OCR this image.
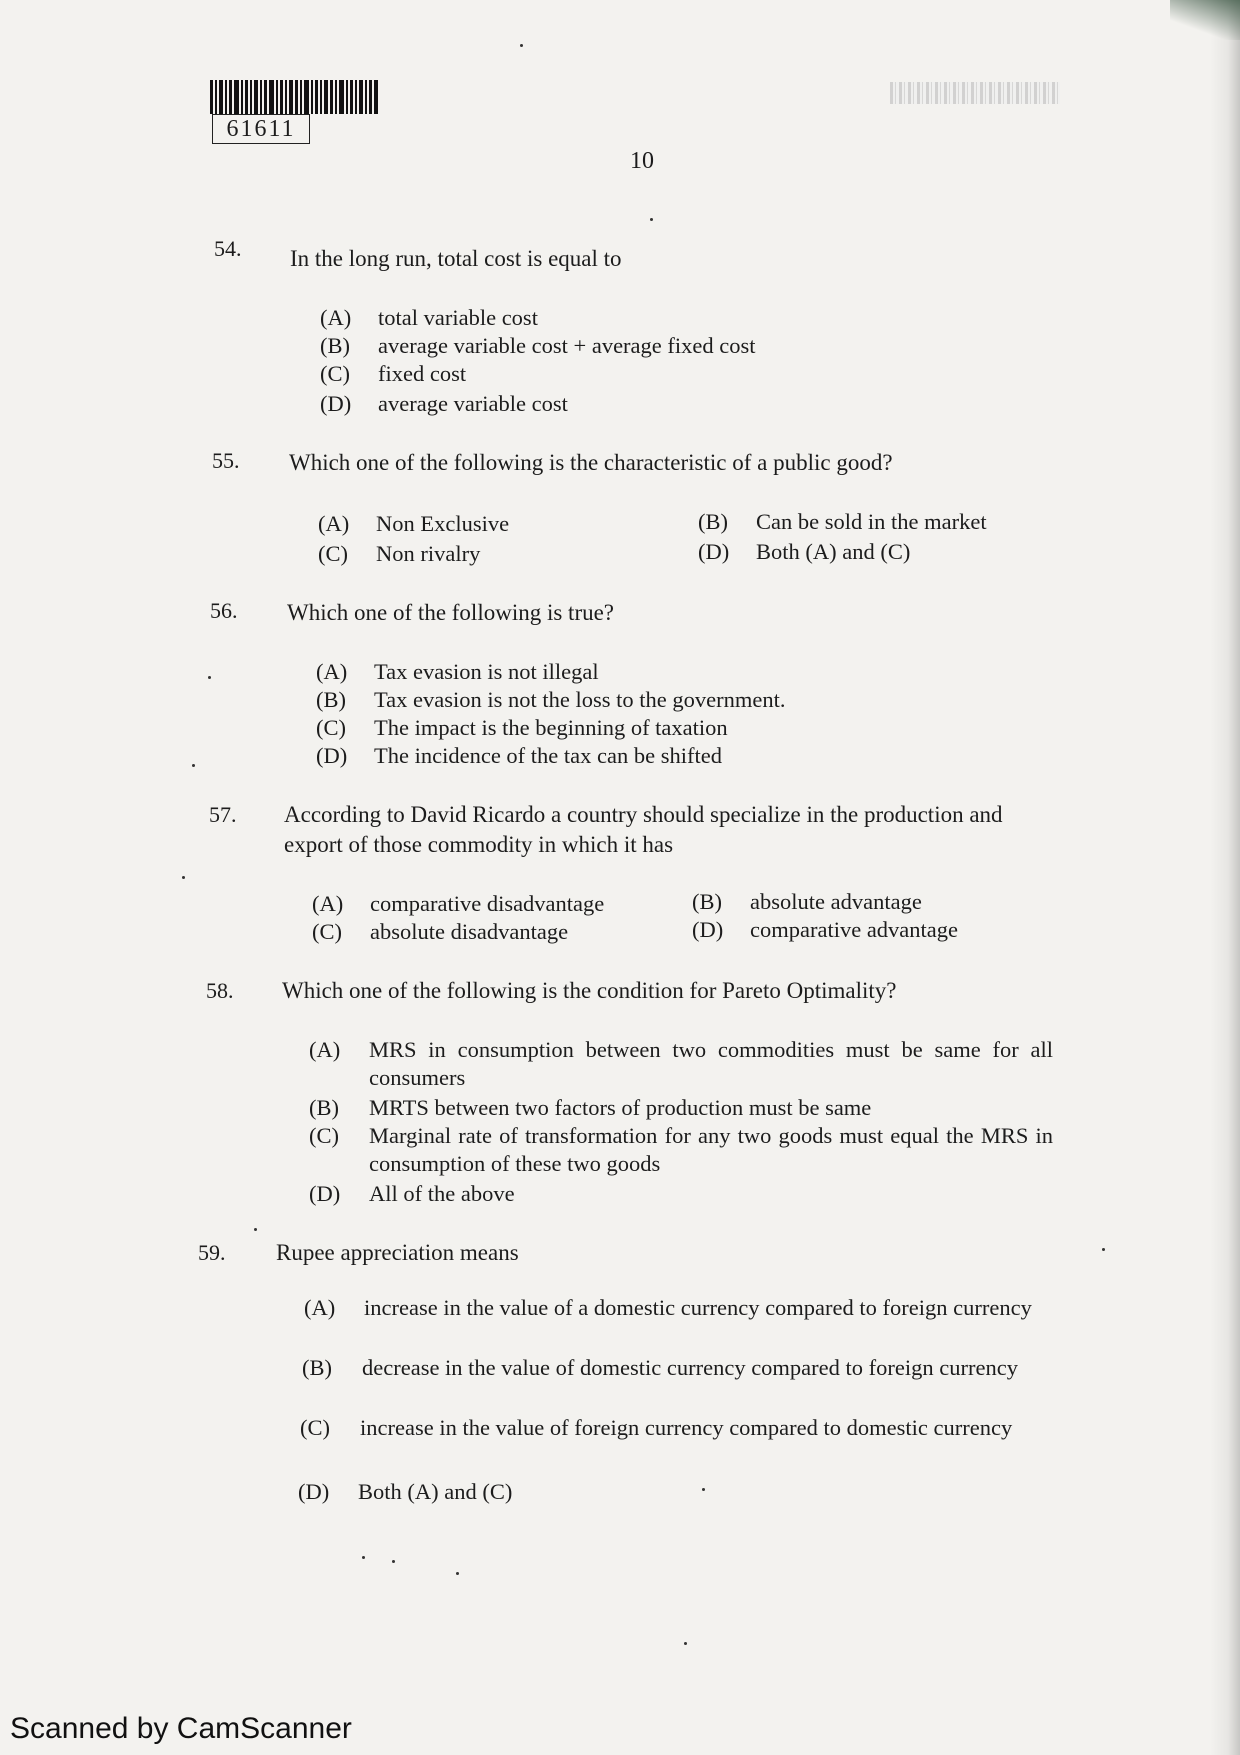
61611
10
54. In the long run, total cost is equal to
(A) total variable cost
(B) average variable cost + average fixed cost
(C) fixed cost
(D) average variable cost
55. Which one of the following is the characteristic of a public good?
(A) Non Exclusive	(B) Can be sold in the market
(C) Non rivalry	(D) Both (A) and (C)
56. Which one of the following is true?
(A) Tax evasion is not illegal
(B) Tax evasion is not the loss to the government.
(C) The impact is the beginning of taxation
(D) The incidence of the tax can be shifted
57. According to David Ricardo a country should specialize in the production and
export of those commodity in which it has
(A) comparative disadvantage	(B) absolute advantage
(C) absolute disadvantage	(D) comparative advantage
58. Which one of the following is the condition for Pareto Optimality?
(A) MRS in consumption between two commodities must be same for all consumers
(B) MRTS between two factors of production must be same
(C) Marginal rate of transformation for any two goods must equal the MRS in consumption of these two goods
(D) All of the above
59. Rupee appreciation means
(A) increase in the value of a domestic currency compared to foreign currency
(B) decrease in the value of domestic currency compared to foreign currency
(C) increase in the value of foreign currency compared to domestic currency
(D) Both (A) and (C)
Scanned by CamScanner
